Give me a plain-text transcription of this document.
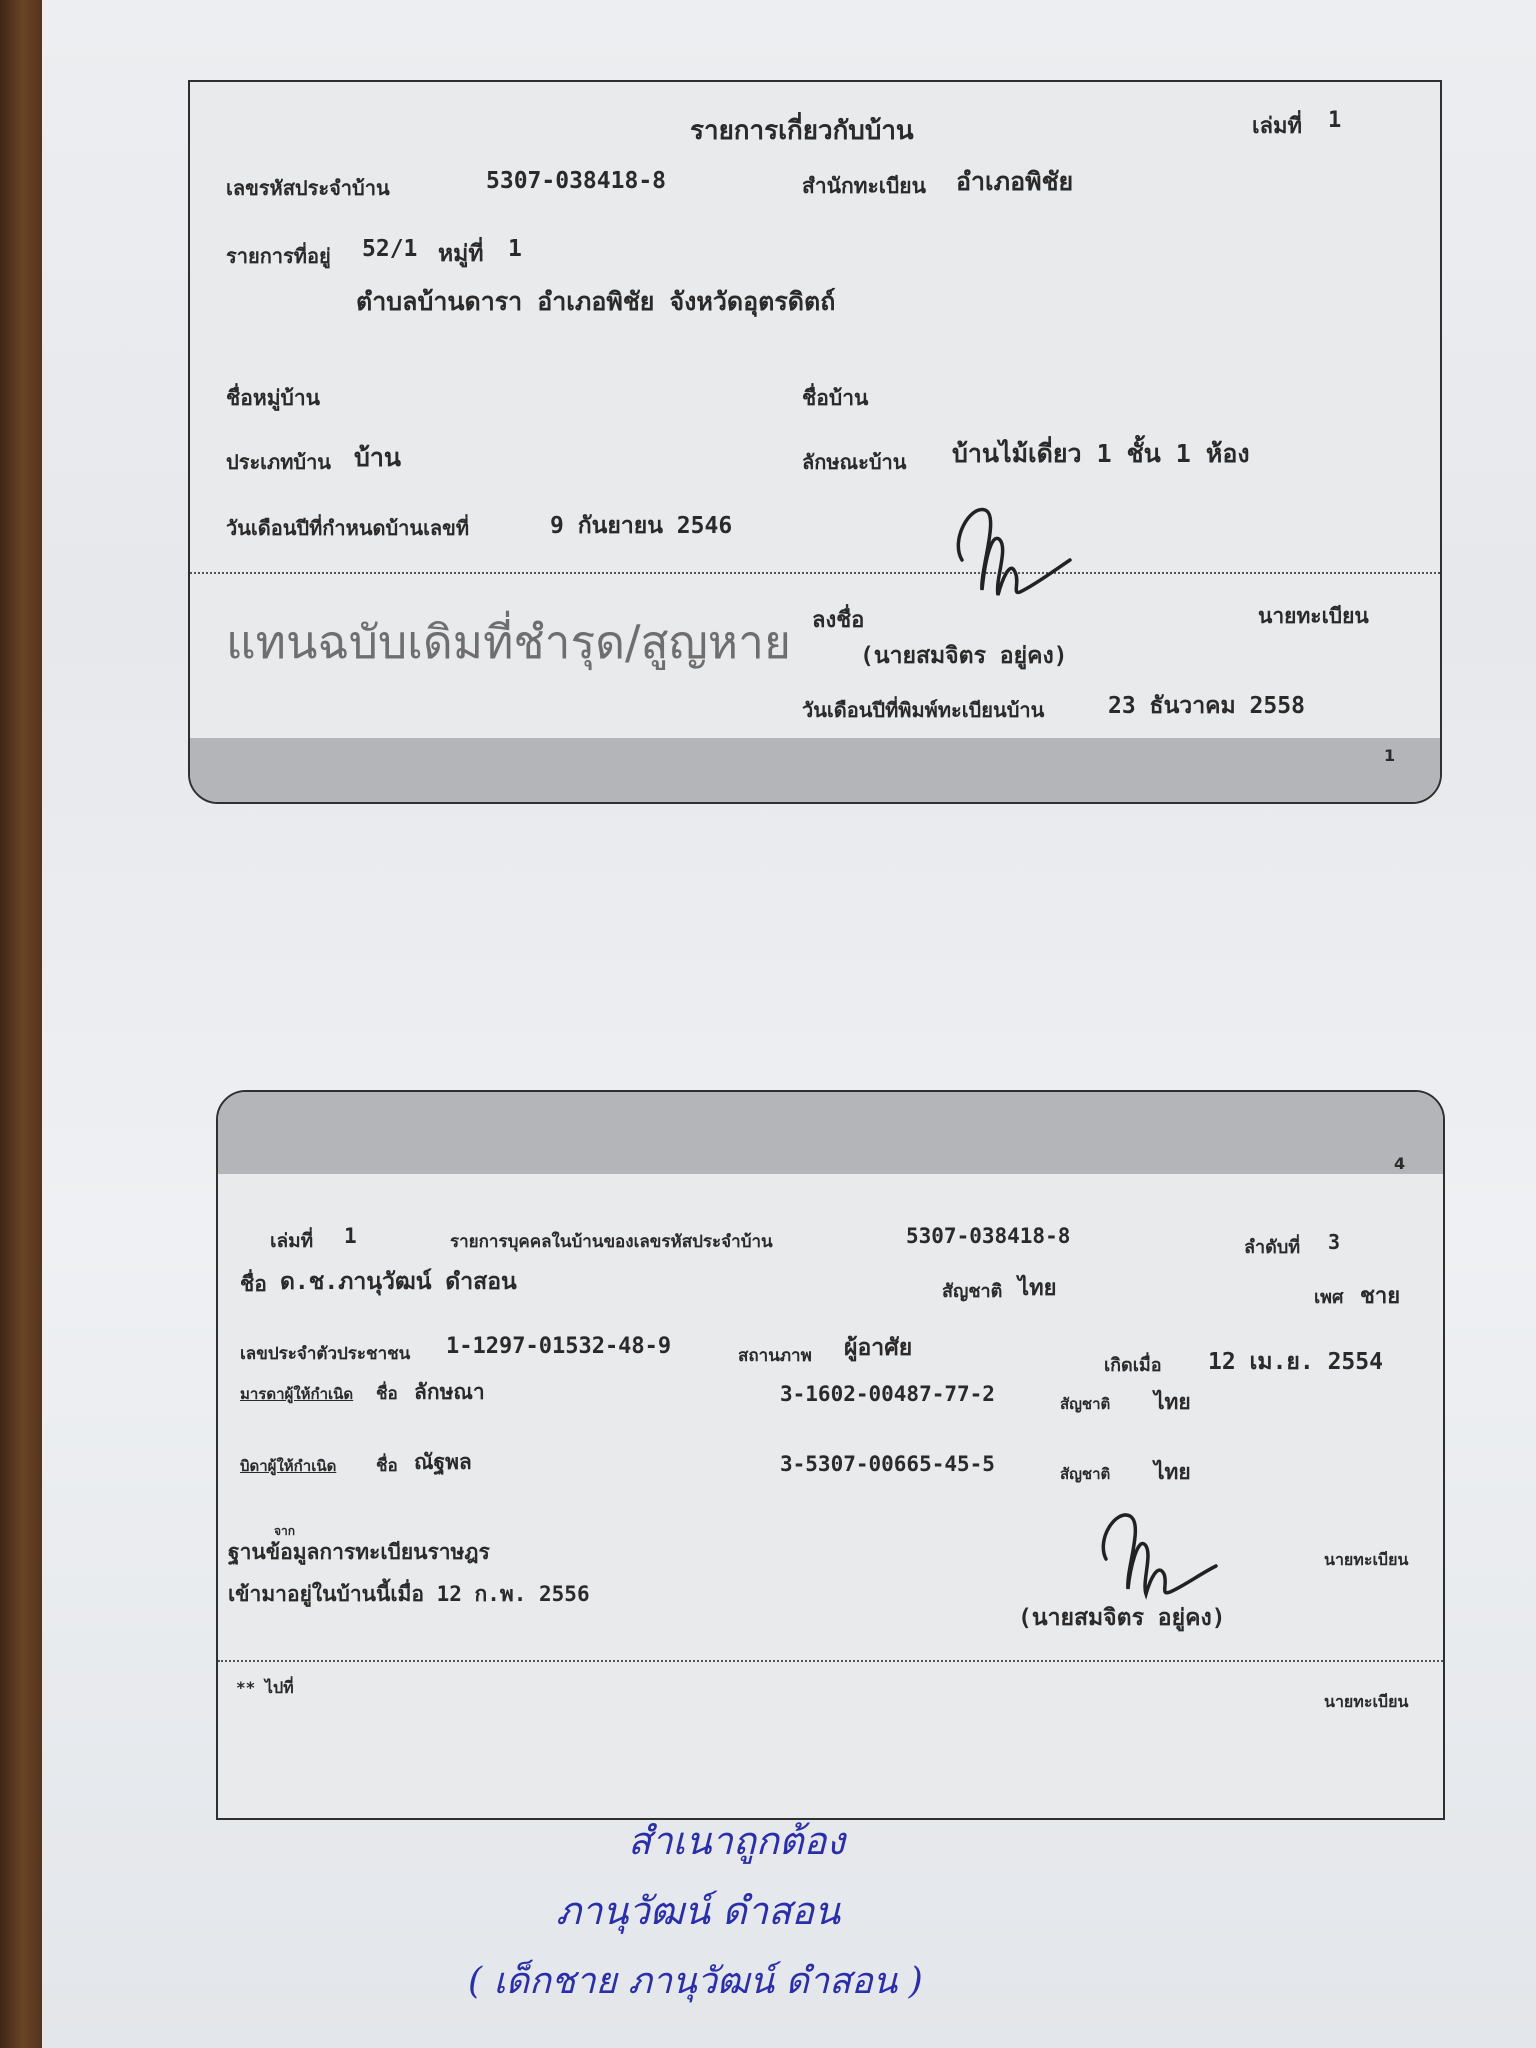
รายการเกี่ยวกับบ้าน	เล่มที่ 1
เลขรหัสประจำบ้าน	5307-038418-8	สำนักทะเบียน อำเภอพิชัย
รายการที่อยู่ 52/1 หมู่ที่ 1
ตำบลบ้านดารา อำเภอพิชัย จังหวัดอุตรดิตถ์
ชื่อหมู่บ้าน	ชื่อบ้าน
ประเภทบ้าน บ้าน	ลักษณะบ้าน บ้านไม้เดี่ยว 1 ชั้น 1 ห้อง
วันเดือนปีที่กำหนดบ้านเลขที่	9 กันยายน 2546
แทนฉบับเดิมที่ชำรุด/สูญหาย ลงชื่อ	นายทะเบียน
(นายสมจิตร อยู่คง)
วันเดือนปีที่พิมพ์ทะเบียนบ้าน	23 ธันวาคม 2558
1
4
เล่มที่ 1	รายการบุคคลในบ้านของเลขรหัสประจำบ้าน	5307-038418-8	ลำดับที่ 3
ชื่อ ด.ช.ภานุวัฒน์ ดำสอน	สัญชาติ ไทย	เพศ ชาย
เลขประจำตัวประชาชน 1-1297-01532-48-9	สถานภาพ ผู้อาศัย
เกิดเมื่อ 12 เม.ย. 2554
มารดาผู้ให้กำเนิด ชื่อ ลักษณา	3-1602-00487-77-2	สัญชาติ ไทย
บิดาผู้ให้กำเนิด ชื่อ ณัฐพล	3-5307-00665-45-5	สัญชาติ ไทย
จาก
ฐานข้อมูลการทะเบียนราษฎร
เข้ามาอยู่ในบ้านนี้เมื่อ 12 ก.พ. 2556
นายทะเบียน
(นายสมจิตร อยู่คง)
** ไปที่
นายทะเบียน
สำเนาถูกต้อง
ภานุวัฒน์ ดำสอน
( เด็กชาย ภานุวัฒน์ ดำสอน )
